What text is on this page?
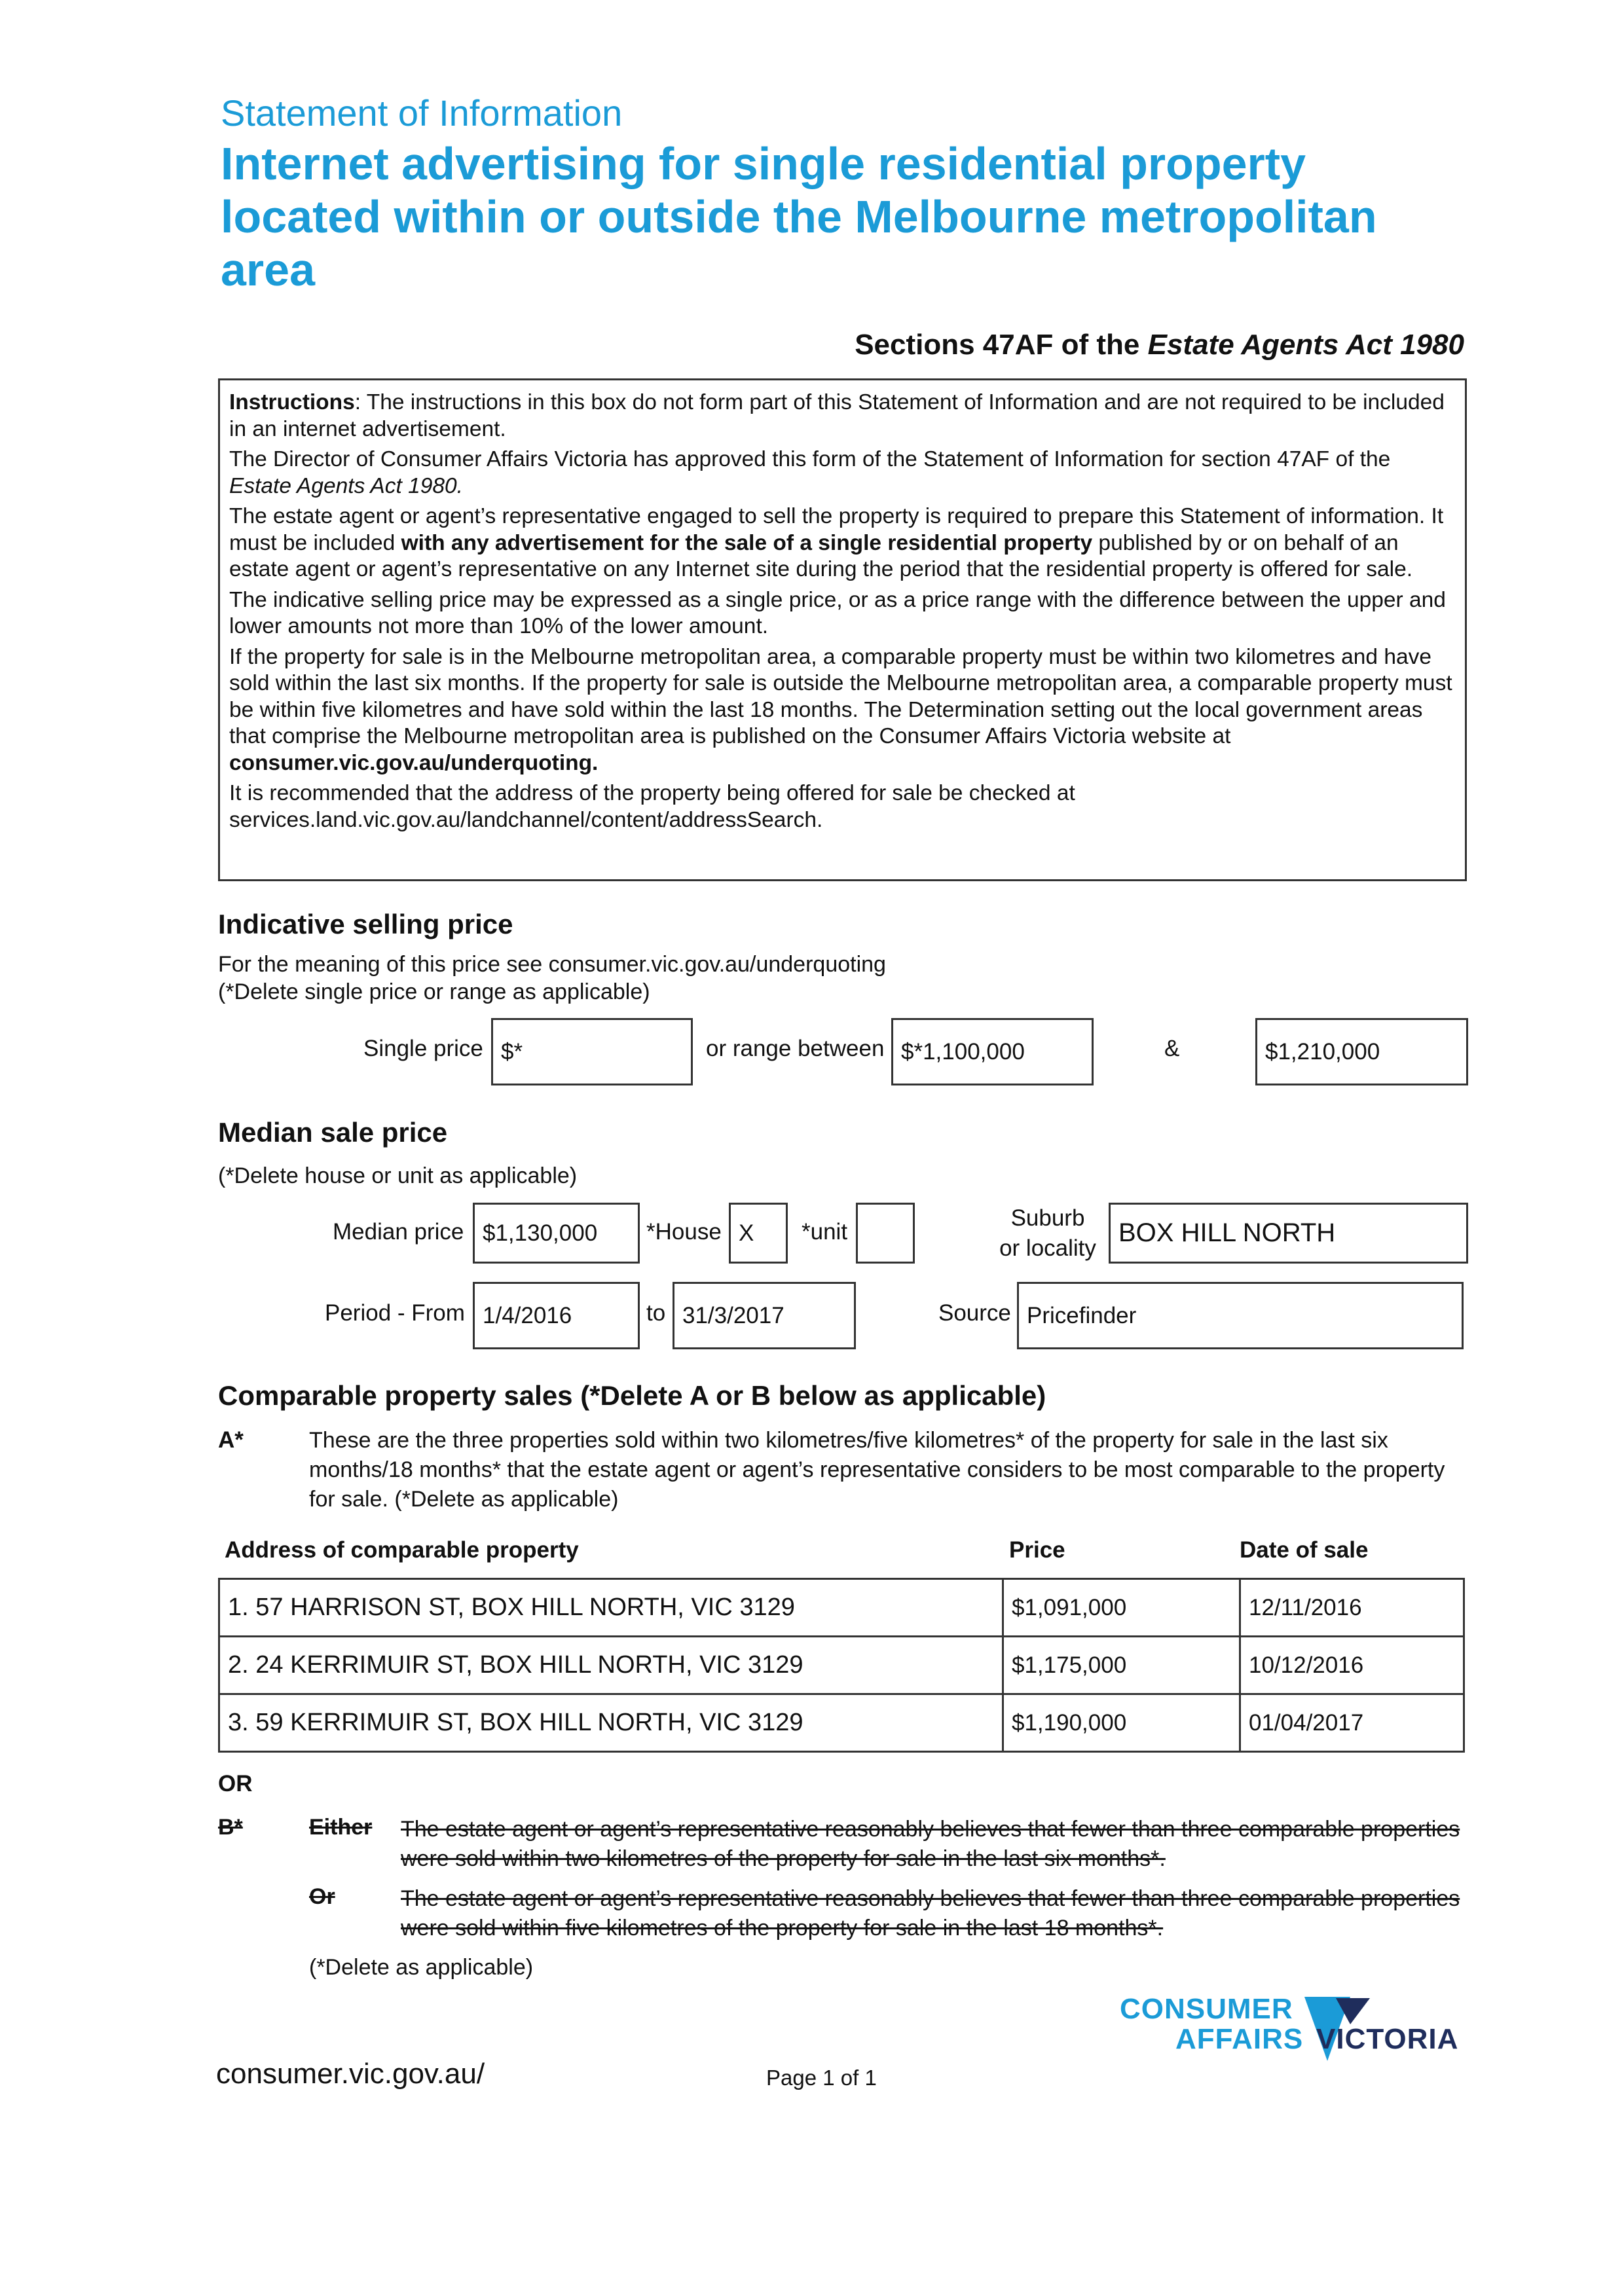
Statement of Information
Internet advertising for single residential property located within or outside the Melbourne metropolitan area
Sections 47AF of the Estate Agents Act 1980

Instructions: The instructions in this box do not form part of this Statement of Information and are not required to be included in an internet advertisement.

The Director of Consumer Affairs Victoria has approved this form of the Statement of Information for section 47AF of the Estate Agents Act 1980.

The estate agent or agent’s representative engaged to sell the property is required to prepare this Statement of information. It must be included with any advertisement for the sale of a single residential property published by or on behalf of an estate agent or agent’s representative on any Internet site during the period that the residential property is offered for sale.

The indicative selling price may be expressed as a single price, or as a price range with the difference between the upper and lower amounts not more than 10% of the lower amount.

If the property for sale is in the Melbourne metropolitan area, a comparable property must be within two kilometres and have sold within the last six months. If the property for sale is outside the Melbourne metropolitan area, a comparable property must be within five kilometres and have sold within the last 18 months. The Determination setting out the local government areas that comprise the Melbourne metropolitan area is published on the Consumer Affairs Victoria website at consumer.vic.gov.au/underquoting.

It is recommended that the address of the property being offered for sale be checked at services.land.vic.gov.au/landchannel/content/addressSearch.

Indicative selling price
For the meaning of this price see consumer.vic.gov.au/underquoting
(*Delete single price or range as applicable)
Single price $*	or range between $*1,100,000	&	$1,210,000
Median sale price
(*Delete house or unit as applicable)
Median price $1,130,000	*House X	*unit
Suburb
or locality
BOX HILL NORTH
Period - From 1/4/2016	to 31/3/2017	Source Pricefinder
Comparable property sales (*Delete A or B below as applicable)
A*	These are the three properties sold within two kilometres/five kilometres* of the property for sale in the last six months/18 months* that the estate agent or agent’s representative considers to be most comparable to the property for sale. (*Delete as applicable)
Address of comparable property	Price	Date of sale
1. 57 HARRISON ST, BOX HILL NORTH, VIC 3129	$1,091,000	12/11/2016
2. 24 KERRIMUIR ST, BOX HILL NORTH, VIC 3129	$1,175,000	10/12/2016
3. 59 KERRIMUIR ST, BOX HILL NORTH, VIC 3129	$1,190,000	01/04/2017
OR
B*	Either The estate agent or agent’s representative reasonably believes that fewer than three comparable properties were sold within two kilometres of the property for sale in the last six months*.
Or	The estate agent or agent’s representative reasonably believes that fewer than three comparable properties were sold within five kilometres of the property for sale in the last 18 months*.
(*Delete as applicable)
consumer.vic.gov.au/	Page 1 of 1
CONSUMER
AFFAIRS VICTORIA
